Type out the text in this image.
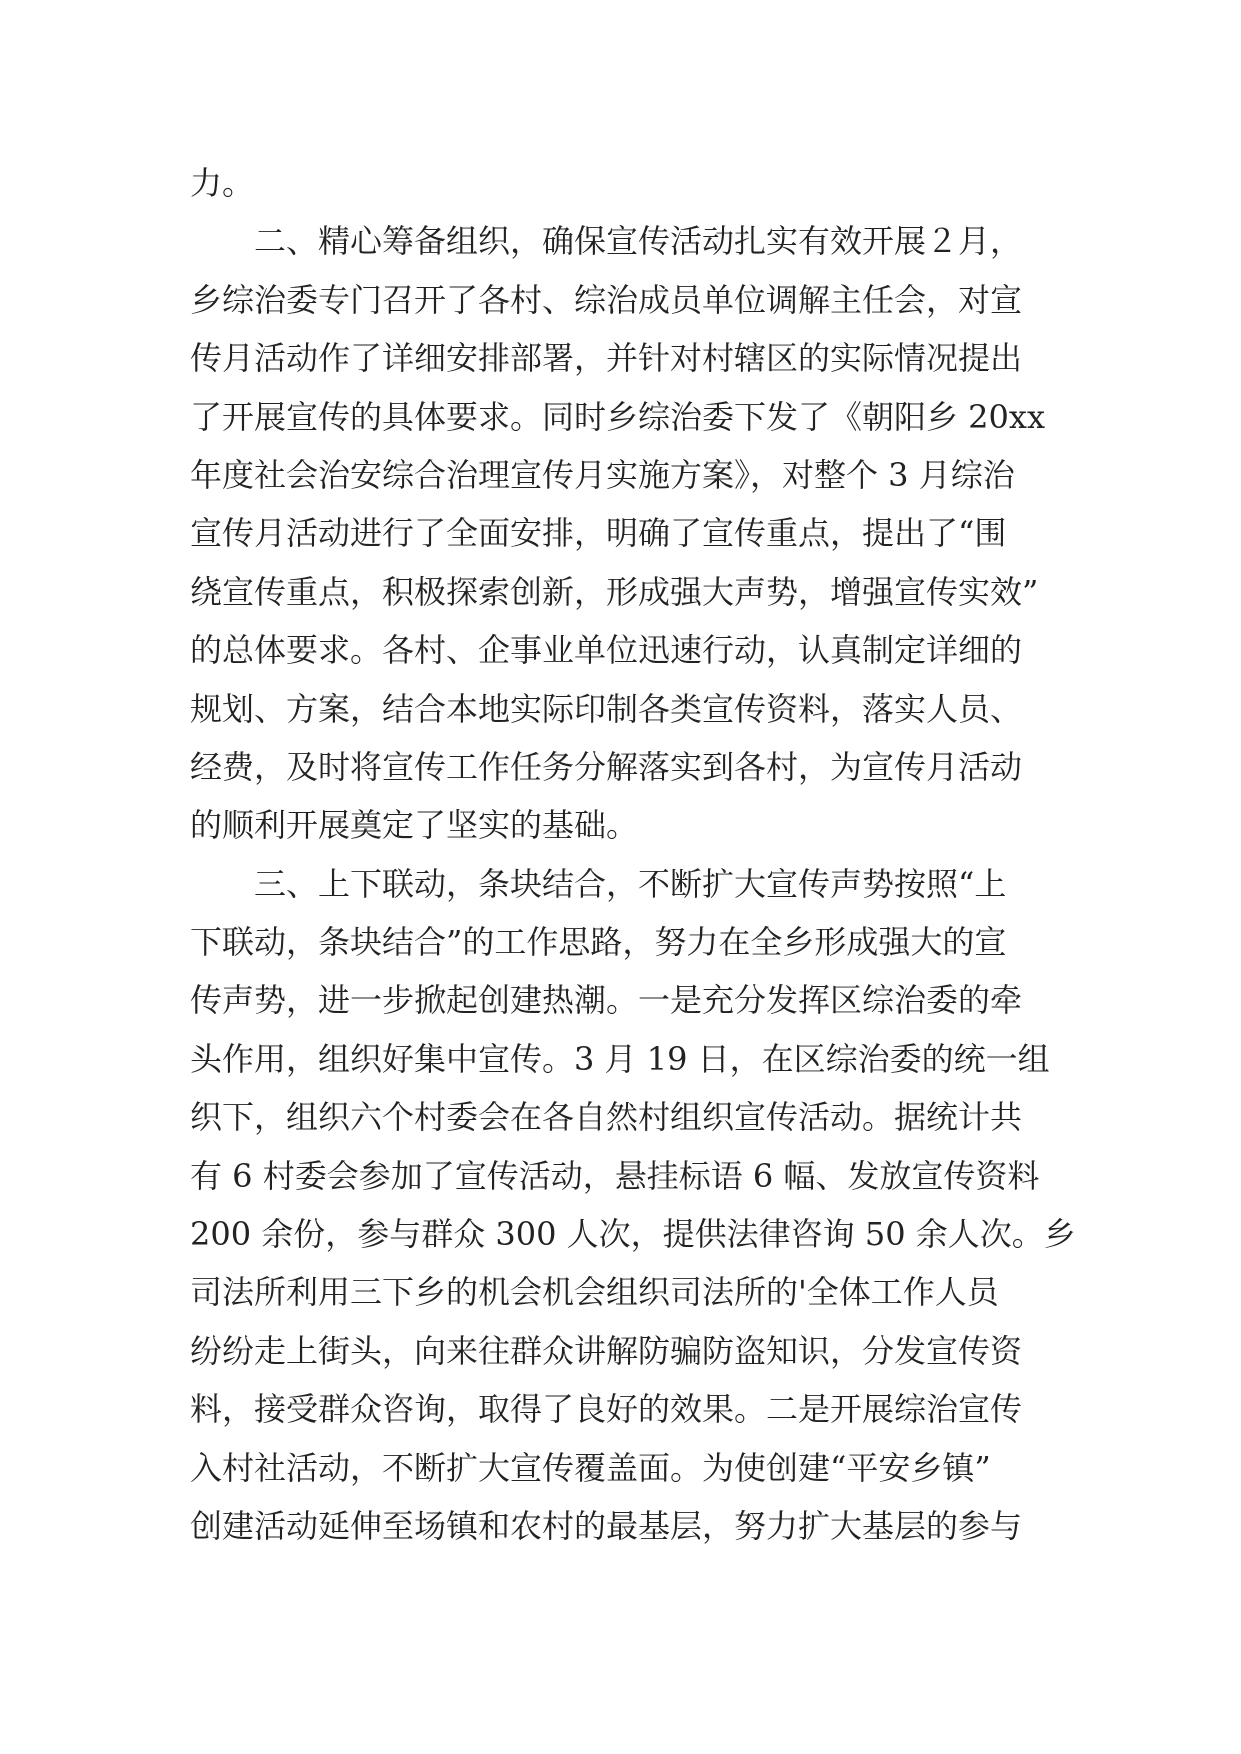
力。
　　二、精心筹备组织，确保宣传活动扎实有效开展２月，
乡综治委专门召开了各村、综治成员单位调解主任会，对宣
传月活动作了详细安排部署，并针对村辖区的实际情况提出
了开展宣传的具体要求。同时乡综治委下发了《朝阳乡 20xx
年度社会治安综合治理宣传月实施方案》，对整个 3 月综治
宣传月活动进行了全面安排，明确了宣传重点，提出了“围
绕宣传重点，积极探索创新，形成强大声势，增强宣传实效”
的总体要求。各村、企事业单位迅速行动，认真制定详细的
规划、方案，结合本地实际印制各类宣传资料，落实人员、
经费，及时将宣传工作任务分解落实到各村，为宣传月活动
的顺利开展奠定了坚实的基础。
　　三、上下联动，条块结合，不断扩大宣传声势按照“上
下联动，条块结合”的工作思路，努力在全乡形成强大的宣
传声势，进一步掀起创建热潮。一是充分发挥区综治委的牵
头作用，组织好集中宣传。3 月 19 日，在区综治委的统一组
织下，组织六个村委会在各自然村组织宣传活动。据统计共
有 6 村委会参加了宣传活动，悬挂标语 6 幅、发放宣传资料
200 余份，参与群众 300 人次，提供法律咨询 50 余人次。乡
司法所利用三下乡的机会机会组织司法所的'全体工作人员
纷纷走上街头，向来往群众讲解防骗防盗知识，分发宣传资
料，接受群众咨询，取得了良好的效果。二是开展综治宣传
入村社活动，不断扩大宣传覆盖面。为使创建“平安乡镇”
创建活动延伸至场镇和农村的最基层，努力扩大基层的参与
